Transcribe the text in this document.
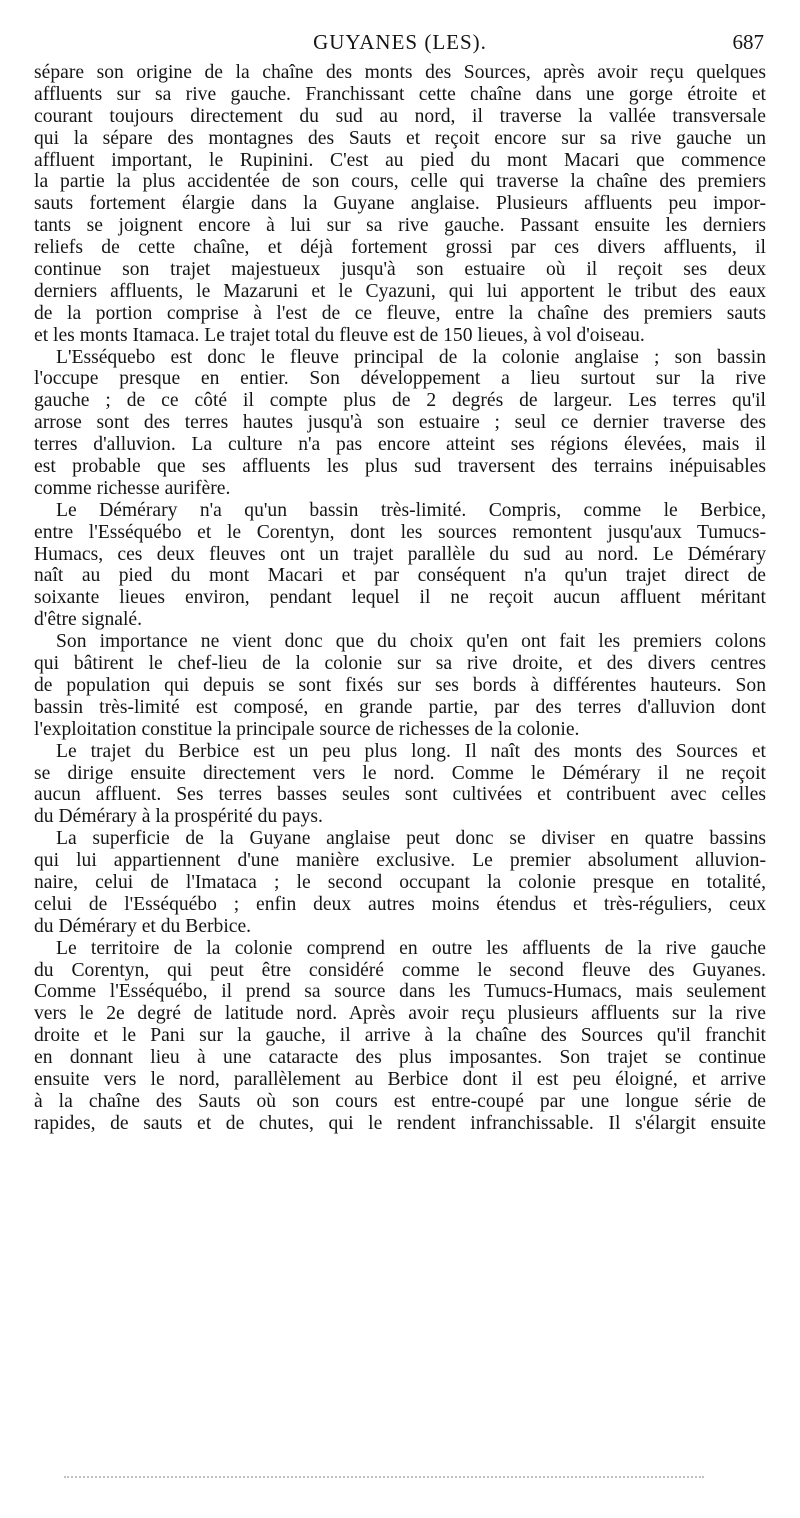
GUYANES (LES).	687
sépare son origine de la chaîne des monts des Sources, après avoir reçu quelques
affluents sur sa rive gauche. Franchissant cette chaîne dans une gorge étroite et
courant toujours directement du sud au nord, il traverse la vallée transversale
qui la sépare des montagnes des Sauts et reçoit encore sur sa rive gauche un
affluent important, le Rupinini. C'est au pied du mont Macari que commence
la partie la plus accidentée de son cours, celle qui traverse la chaîne des premiers
sauts fortement élargie dans la Guyane anglaise. Plusieurs affluents peu impor-
tants se joignent encore à lui sur sa rive gauche. Passant ensuite les derniers
reliefs de cette chaîne, et déjà fortement grossi par ces divers affluents, il
continue son trajet majestueux jusqu'à son estuaire où il reçoit ses deux
derniers affluents, le Mazaruni et le Cyazuni, qui lui apportent le tribut des eaux
de la portion comprise à l'est de ce fleuve, entre la chaîne des premiers sauts
et les monts Itamaca. Le trajet total du fleuve est de 150 lieues, à vol d'oiseau.
L'Esséquebo est donc le fleuve principal de la colonie anglaise ; son bassin
l'occupe presque en entier. Son développement a lieu surtout sur la rive
gauche ; de ce côté il compte plus de 2 degrés de largeur. Les terres qu'il
arrose sont des terres hautes jusqu'à son estuaire ; seul ce dernier traverse des
terres d'alluvion. La culture n'a pas encore atteint ses régions élevées, mais il
est probable que ses affluents les plus sud traversent des terrains inépuisables
comme richesse aurifère.
Le Démérary n'a qu'un bassin très-limité. Compris, comme le Berbice,
entre l'Esséquébo et le Corentyn, dont les sources remontent jusqu'aux Tumucs-
Humacs, ces deux fleuves ont un trajet parallèle du sud au nord. Le Démérary
naît au pied du mont Macari et par conséquent n'a qu'un trajet direct de
soixante lieues environ, pendant lequel il ne reçoit aucun affluent méritant
d'être signalé.
Son importance ne vient donc que du choix qu'en ont fait les premiers colons
qui bâtirent le chef-lieu de la colonie sur sa rive droite, et des divers centres
de population qui depuis se sont fixés sur ses bords à différentes hauteurs. Son
bassin très-limité est composé, en grande partie, par des terres d'alluvion dont
l'exploitation constitue la principale source de richesses de la colonie.
Le trajet du Berbice est un peu plus long. Il naît des monts des Sources et
se dirige ensuite directement vers le nord. Comme le Démérary il ne reçoit
aucun affluent. Ses terres basses seules sont cultivées et contribuent avec celles
du Démérary à la prospérité du pays.
La superficie de la Guyane anglaise peut donc se diviser en quatre bassins
qui lui appartiennent d'une manière exclusive. Le premier absolument alluvion-
naire, celui de l'Imataca ; le second occupant la colonie presque en totalité,
celui de l'Esséquébo ; enfin deux autres moins étendus et très-réguliers, ceux
du Démérary et du Berbice.
Le territoire de la colonie comprend en outre les affluents de la rive gauche
du Corentyn, qui peut être considéré comme le second fleuve des Guyanes.
Comme l'Esséquébo, il prend sa source dans les Tumucs-Humacs, mais seulement
vers le 2e degré de latitude nord. Après avoir reçu plusieurs affluents sur la rive
droite et le Pani sur la gauche, il arrive à la chaîne des Sources qu'il franchit
en donnant lieu à une cataracte des plus imposantes. Son trajet se continue
ensuite vers le nord, parallèlement au Berbice dont il est peu éloigné, et arrive
à la chaîne des Sauts où son cours est entre-coupé par une longue série de
rapides, de sauts et de chutes, qui le rendent infranchissable. Il s'élargit ensuite
